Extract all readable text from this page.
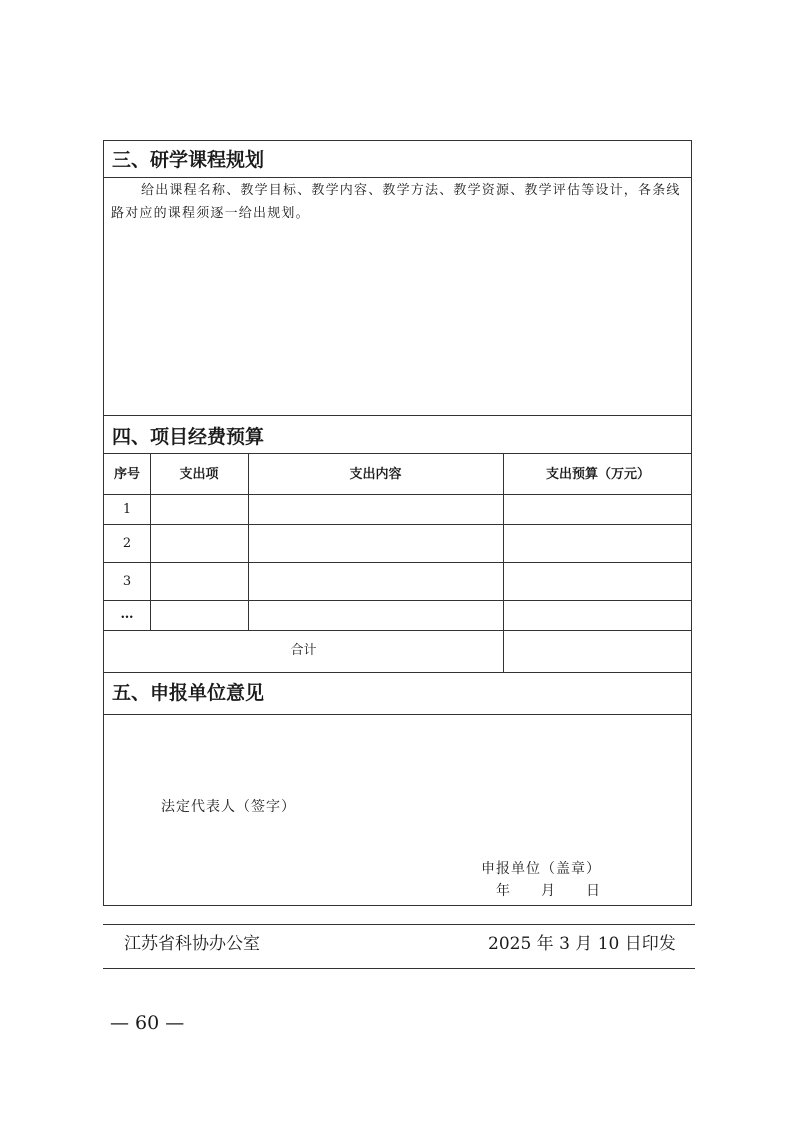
三、研学课程规划

给出课程名称、教学目标、教学内容、教学方法、教学资源、教学评估等设计，各条线路对应的课程须逐一给出规划。

四、项目经费预算
序号	支出项	支出内容	支出预算（万元）
1
2
3
…
合计
五、申报单位意见
法定代表人（签字）
申报单位（盖章）
年　　月　　日
江苏省科协办公室	2025 年 3 月 10 日印发
— 60 —
